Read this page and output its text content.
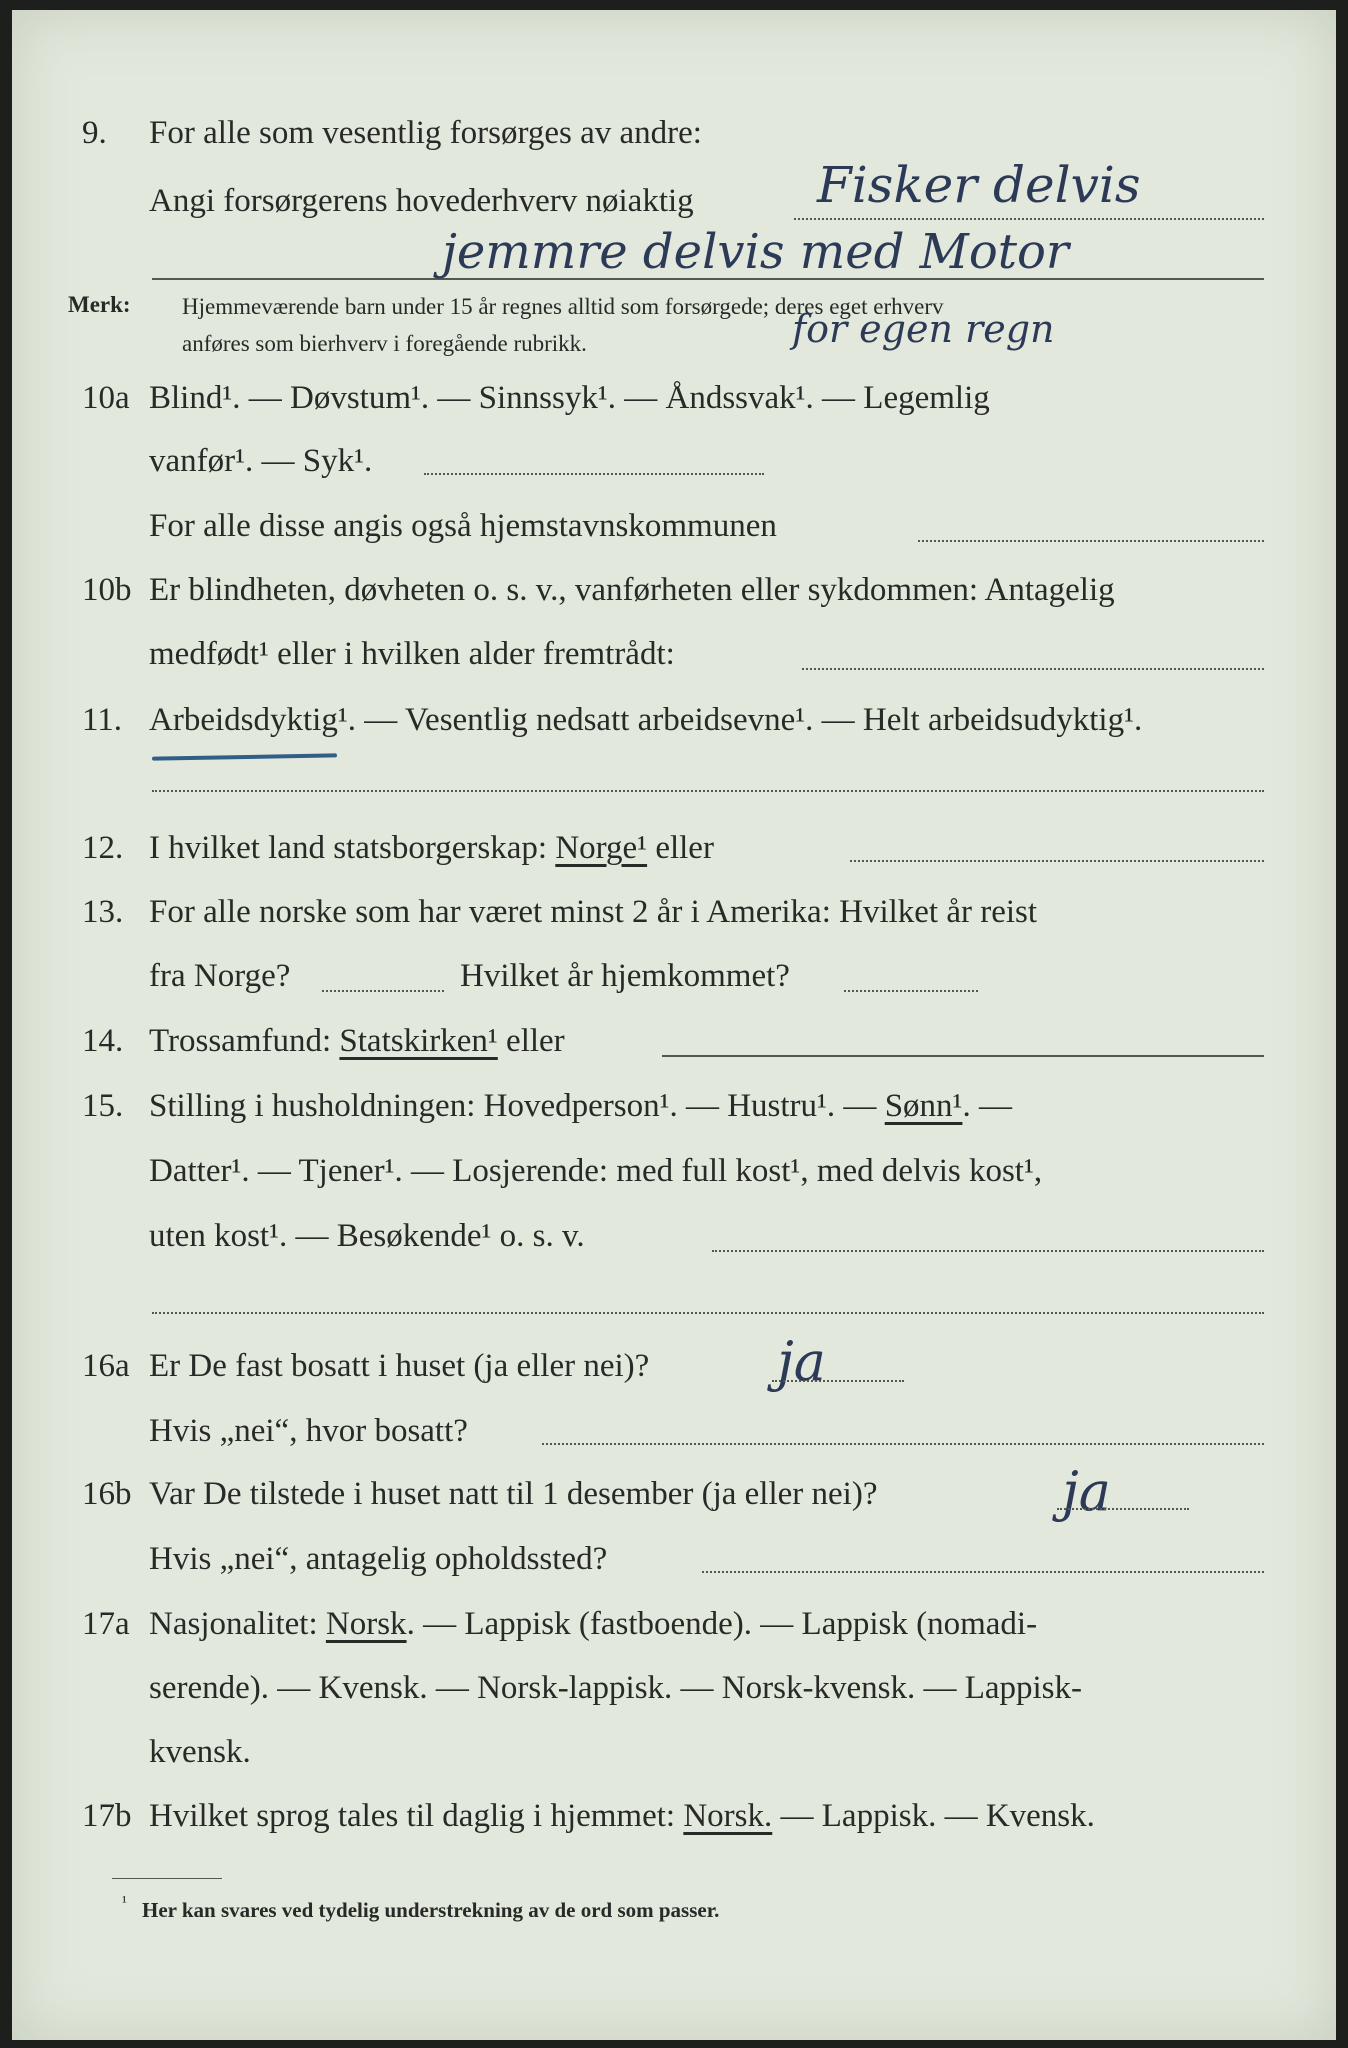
9. For alle som vesentlig forsørges av andre:
Angi forsørgerens hovederhverv nøiaktig Fisker delvis
jemmre delvis med Motor
Merk: Hjemmeværende barn under 15 år regnes alltid som forsørgede; deres eget erhverv
anføres som bierhverv i foregående rubrikk.	for egen regn
10a Blind¹. — Døvstum¹. — Sinnssyk¹. — Åndssvak¹. — Legemlig
vanfør¹. — Syk¹.
For alle disse angis også hjemstavnskommunen
10b Er blindheten, døvheten o. s. v., vanførheten eller sykdommen: Antagelig
medfødt¹ eller i hvilken alder fremtrådt:
11. Arbeidsdyktig¹. — Vesentlig nedsatt arbeidsevne¹. — Helt arbeidsudyktig¹.
12. I hvilket land statsborgerskap: Norge¹ eller
13. For alle norske som har været minst 2 år i Amerika: Hvilket år reist
fra Norge?	Hvilket år hjemkommet?
14. Trossamfund: Statskirken¹ eller
15. Stilling i husholdningen: Hovedperson¹. — Hustru¹. — Sønn¹. —
Datter¹. — Tjener¹. — Losjerende: med full kost¹, med delvis kost¹,
uten kost¹. — Besøkende¹ o. s. v.
16a Er De fast bosatt i huset (ja eller nei)? ja
Hvis „nei“, hvor bosatt?
16b Var De tilstede i huset natt til 1 desember (ja eller nei)?	ja
Hvis „nei“, antagelig opholdssted?
17a Nasjonalitet: Norsk. — Lappisk (fastboende). — Lappisk (nomadi-
serende). — Kvensk. — Norsk-lappisk. — Norsk-kvensk. — Lappisk-
kvensk.
17b Hvilket sprog tales til daglig i hjemmet: Norsk. — Lappisk. — Kvensk.
¹ Her kan svares ved tydelig understrekning av de ord som passer.
